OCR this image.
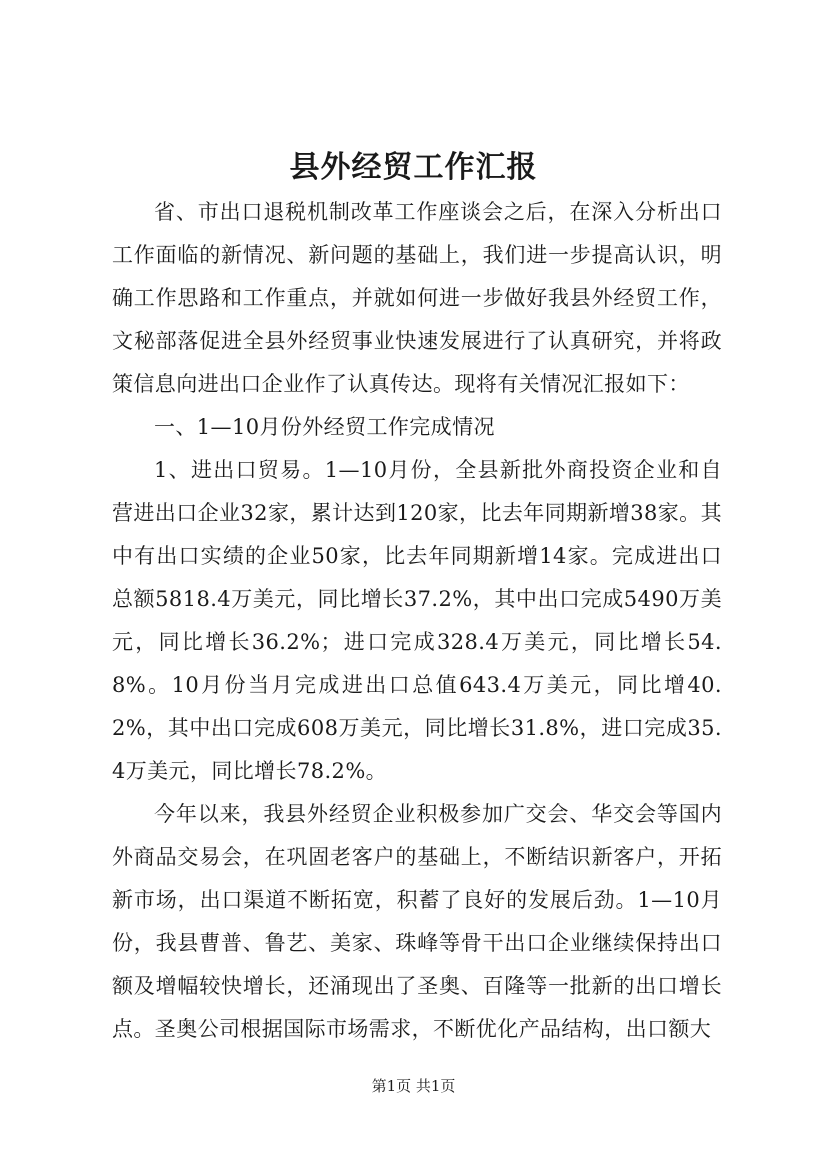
县外经贸工作汇报

省、市出口退税机制改革工作座谈会之后，在深入分析出口工作面临的新情况、新问题的基础上，我们进一步提高认识，明确工作思路和工作重点，并就如何进一步做好我县外经贸工作，文秘部落促进全县外经贸事业快速发展进行了认真研究，并将政策信息向进出口企业作了认真传达。现将有关情况汇报如下：

一、1—10月份外经贸工作完成情况

1、进出口贸易。1—10月份，全县新批外商投资企业和自营进出口企业32家，累计达到120家，比去年同期新增38家。其中有出口实绩的企业50家，比去年同期新增14家。完成进出口总额5818.4万美元，同比增长37.2%，其中出口完成5490万美元，同比增长36.2%；进口完成328.4万美元，同比增长54.8%。10月份当月完成进出口总值643.4万美元，同比增40.2%，其中出口完成608万美元，同比增长31.8%，进口完成35.4万美元，同比增长78.2%。

今年以来，我县外经贸企业积极参加广交会、华交会等国内外商品交易会，在巩固老客户的基础上，不断结识新客户，开拓新市场，出口渠道不断拓宽，积蓄了良好的发展后劲。1—10月份，我县曹普、鲁艺、美家、珠峰等骨干出口企业继续保持出口额及增幅较快增长，还涌现出了圣奥、百隆等一批新的出口增长点。圣奥公司根据国际市场需求，不断优化产品结构，出口额大

第1页 共1页
